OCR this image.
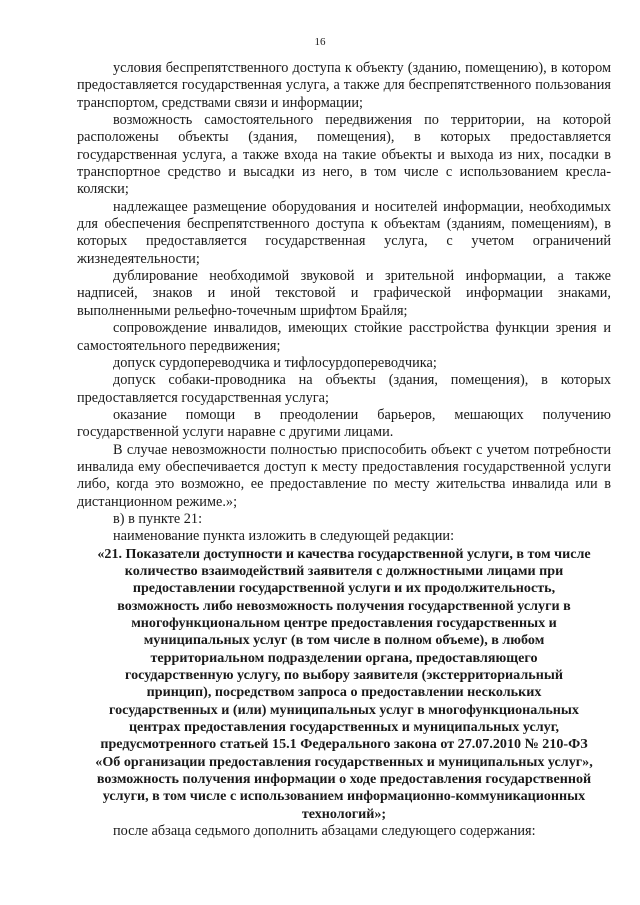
16

условия беспрепятственного доступа к объекту (зданию, помещению), в котором предоставляется государственная услуга, а также для беспрепятственного пользования транспортом, средствами связи и информации;

возможность самостоятельного передвижения по территории, на которой расположены объекты (здания, помещения), в которых предоставляется государственная услуга, а также входа на такие объекты и выхода из них, посадки в транспортное средство и высадки из него, в том числе с использованием кресла-коляски;

надлежащее размещение оборудования и носителей информации, необходимых для обеспечения беспрепятственного доступа к объектам (зданиям, помещениям), в которых предоставляется государственная услуга, с учетом ограничений жизнедеятельности;

дублирование необходимой звуковой и зрительной информации, а также надписей, знаков и иной текстовой и графической информации знаками, выполненными рельефно-точечным шрифтом Брайля;

сопровождение инвалидов, имеющих стойкие расстройства функции зрения и самостоятельного передвижения;

допуск сурдопереводчика и тифлосурдопереводчика;

допуск собаки-проводника на объекты (здания, помещения), в которых предоставляется государственная услуга;

оказание помощи в преодолении барьеров, мешающих получению государственной услуги наравне с другими лицами.

В случае невозможности полностью приспособить объект с учетом потребности инвалида ему обеспечивается доступ к месту предоставления государственной услуги либо, когда это возможно, ее предоставление по месту жительства инвалида или в дистанционном режиме.»;

в) в пункте 21:

наименование пункта изложить в следующей редакции:

«21. Показатели доступности и качества государственной услуги, в том числе

количество взаимодействий заявителя с должностными лицами при

предоставлении государственной услуги и их продолжительность,

возможность либо невозможность получения государственной услуги в

многофункциональном центре предоставления государственных и

муниципальных услуг (в том числе в полном объеме), в любом

территориальном подразделении органа, предоставляющего

государственную услугу, по выбору заявителя (экстерриториальный

принцип), посредством запроса о предоставлении нескольких

государственных и (или) муниципальных услуг в многофункциональных

центрах предоставления государственных и муниципальных услуг,

предусмотренного статьей 15.1 Федерального закона от 27.07.2010 № 210-ФЗ

«Об организации предоставления государственных и муниципальных услуг»,

возможность получения информации о ходе предоставления государственной

услуги, в том числе с использованием информационно-коммуникационных

технологий»;

после абзаца седьмого дополнить абзацами следующего содержания:
